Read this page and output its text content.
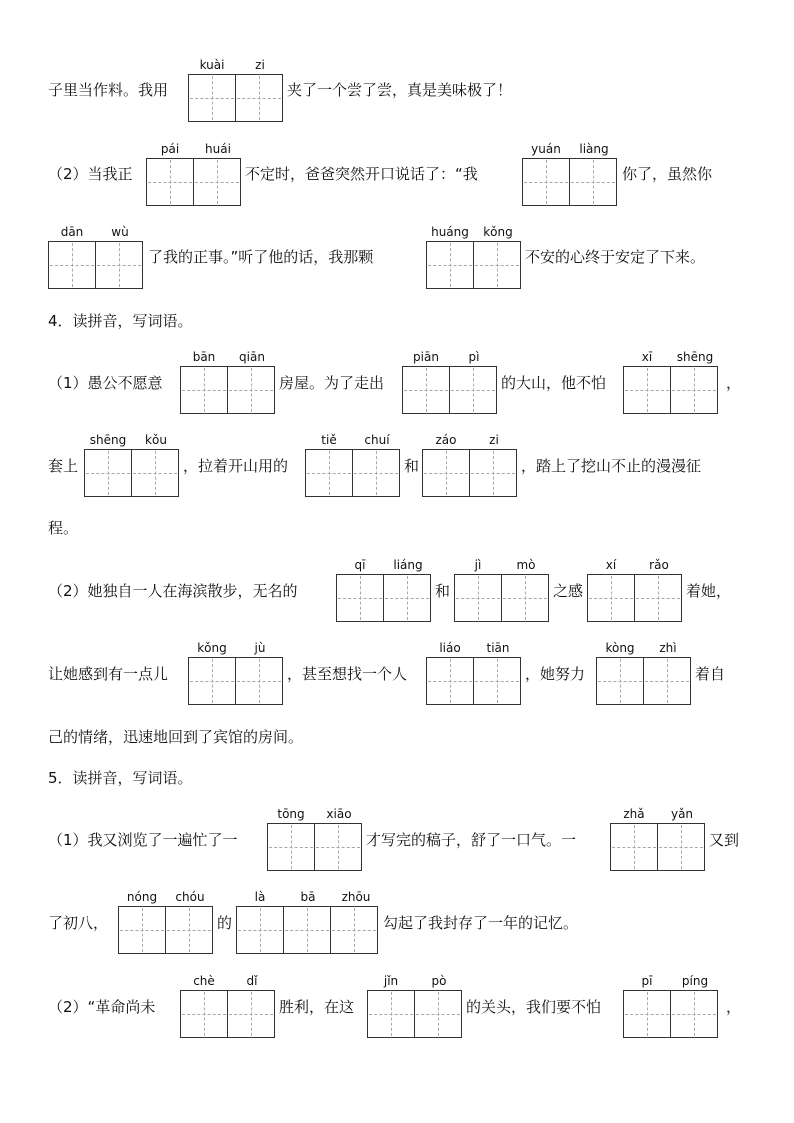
子里当作料。我用
kuài	zi
夹了一个尝了尝，真是美味极了！
（2）当我正
pái	huái
不定时，爸爸突然开口说话了：“我
yuán	liàng
你了，虽然你
dān	wù
了我的正事。”听了他的话，我那颗
huáng	kǒng
不安的心终于安定了下来。
4．读拼音，写词语。
（1）愚公不愿意
bān	qiān
房屋。为了走出
piān	pì
的大山，他不怕
xī	shēng
，
套上
shēng	kǒu
，拉着开山用的
tiě	chuí
和
záo	zi
，踏上了挖山不止的漫漫征
程。
（2）她独自一人在海滨散步，无名的
qī	liáng
和
jì	mò
之感
xí	rǎo
着她，
让她感到有一点儿
kǒng	jù
，甚至想找一个人
liáo	tiān
，她努力
kòng	zhì
着自
己的情绪，迅速地回到了宾馆的房间。
5．读拼音，写词语。
（1）我又浏览了一遍忙了一
tōng	xiāo
才写完的稿子，舒了一口气。一
zhǎ	yǎn
又到
了初八，
nóng	chóu
的
là	bā	zhōu
勾起了我封存了一年的记忆。
（2）“革命尚未
chè	dǐ
胜利，在这
jǐn	pò
的关头，我们要不怕
pī	píng
，
